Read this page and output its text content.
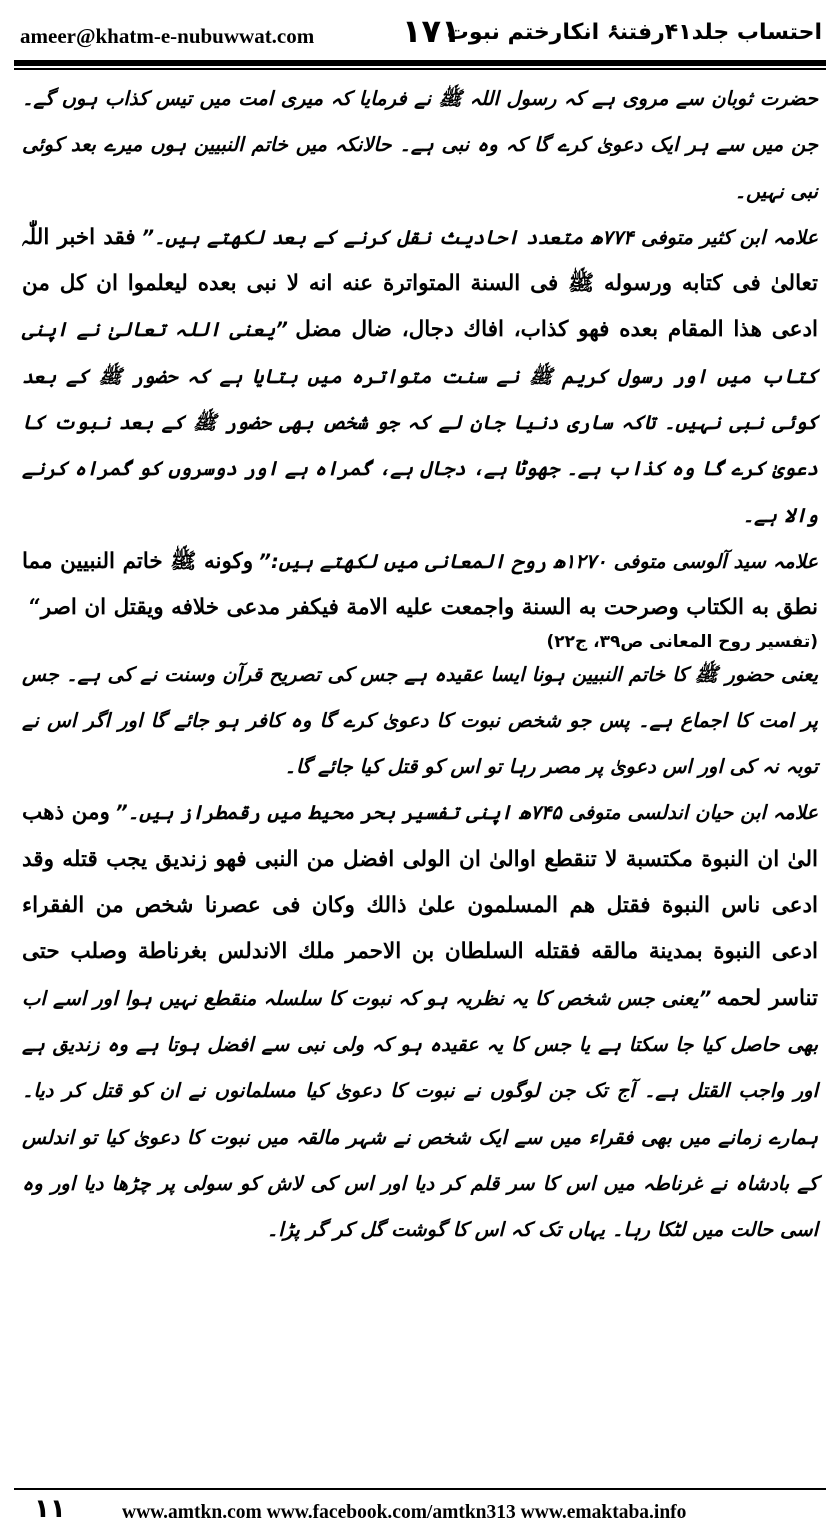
ameer@khatm-e-nubuwwat.com	۱۷۱
احتساب جلد۴۱رفتنۂ انکارختم نبوت

حضرت ثوبان سے مروی ہے کہ رسول اللہ ﷺ نے فرمایا کہ میری امت میں تیس کذاب ہوں گے۔ جن میں سے ہر ایک دعویٰ کرے گا کہ وہ نبی ہے۔ حالانکہ میں خاتم النبیین ہوں میرے بعد کوئی نبی نہیں۔

علامہ ابن کثیر متوفی ۷۷۴ھ متعدد احادیث نقل کرنے کے بعد لکھتے ہیں۔” فقد اخبر اللّٰہ تعالیٰ فی کتابه ورسوله ﷺ فی السنة المتواترة عنه انه لا نبی بعده لیعلموا ان کل من ادعی هذا المقام بعده فهو کذاب، افاك دجال، ضال مضل ”یعنی اللہ تعالیٰ نے اپنی کتاب میں اور رسول کریم ﷺ نے سنت متواترہ میں بتایا ہے کہ حضور ﷺ کے بعد کوئی نبی نہیں۔ تاکہ ساری دنیا جان لے کہ جو شخص بھی حضور ﷺ کے بعد نبوت کا دعویٰ کرے گا وہ کذاب ہے۔ جھوٹا ہے، دجال ہے، گمراہ ہے اور دوسروں کو گمراہ کرنے والا ہے۔

علامہ سید آلوسی متوفی ۱۲۷۰ھ روح المعانی میں لکھتے ہیں:” وکونه ﷺ خاتم النبیین مما نطق به الکتاب وصرحت به السنة واجمعت علیه الامة فیکفر مدعی خلافه ویقتل ان اصر“
(تفسیر روح المعانی ص۳۹، ج۲۲)

یعنی حضور ﷺ کا خاتم النبیین ہونا ایسا عقیدہ ہے جس کی تصریح قرآن وسنت نے کی ہے۔ جس پر امت کا اجماع ہے۔ پس جو شخص نبوت کا دعویٰ کرے گا وہ کافر ہو جائے گا اور اگر اس نے توبہ نہ کی اور اس دعویٰ پر مصر رہا تو اس کو قتل کیا جائے گا۔

علامہ ابن حیان اندلسی متوفی ۷۴۵ھ اپنی تفسیر بحر محیط میں رقمطراز ہیں۔” ومن ذهب الیٰ ان النبوة مکتسبة لا تنقطع اوالیٰ ان الولی افضل من النبی فهو زندیق یجب قتله وقد ادعی ناس النبوة فقتل هم المسلمون علیٰ ذالك وکان فی عصرنا شخص من الفقراء ادعی النبوة بمدینة مالقه فقتله السلطان بن الاحمر ملك الاندلس بغرناطة وصلب حتی تناسر لحمه ”یعنی جس شخص کا یہ نظریہ ہو کہ نبوت کا سلسلہ منقطع نہیں ہوا اور اسے اب بھی حاصل کیا جا سکتا ہے یا جس کا یہ عقیدہ ہو کہ ولی نبی سے افضل ہوتا ہے وہ زندیق ہے اور واجب القتل ہے۔ آج تک جن لوگوں نے نبوت کا دعویٰ کیا مسلمانوں نے ان کو قتل کر دیا۔ ہمارے زمانے میں بھی فقراء میں سے ایک شخص نے شہر مالقہ میں نبوت کا دعویٰ کیا تو اندلس کے بادشاہ نے غرناطہ میں اس کا سر قلم کر دیا اور اس کی لاش کو سولی پر چڑھا دیا اور وہ اسی حالت میں لٹکا رہا۔ یہاں تک کہ اس کا گوشت گل کر گر پڑا۔

۱۱	www.amtkn.com www.facebook.com/amtkn313 www.emaktaba.info
